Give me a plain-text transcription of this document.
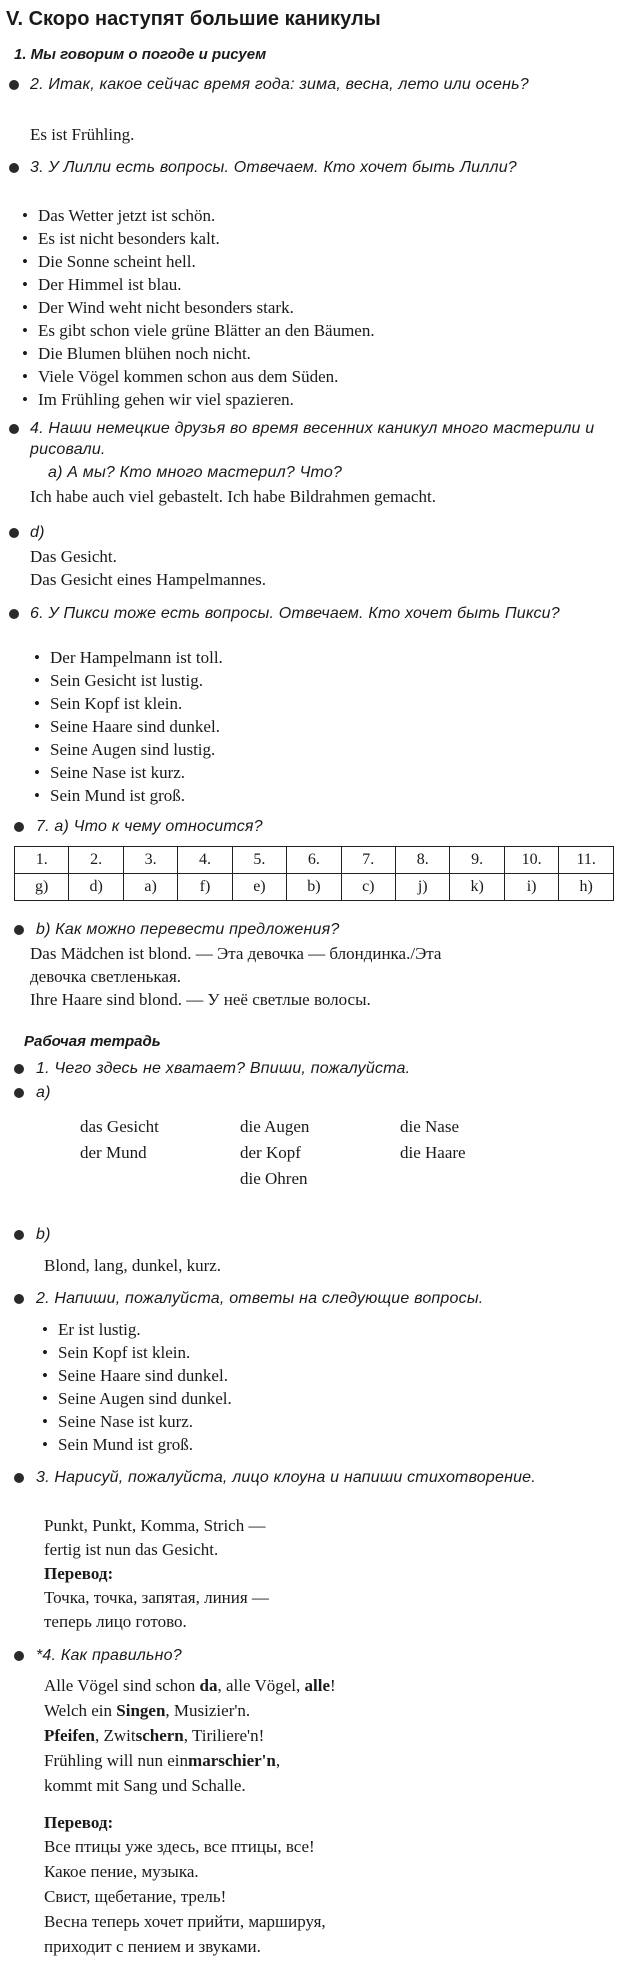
V. Скоро наступят большие каникулы
1. Мы говорим о погоде и рисуем
2. Итак, какое сейчас время года: зима, весна, лето или осень?
Es ist Frühling.
3. У Лилли есть вопросы. Отвечаем. Кто хочет быть Лилли?
• Das Wetter jetzt ist schön.
• Es ist nicht besonders kalt.
• Die Sonne scheint hell.
• Der Himmel ist blau.
• Der Wind weht nicht besonders stark.
• Es gibt schon viele grüne Blätter an den Bäumen.
• Die Blumen blühen noch nicht.
• Viele Vögel kommen schon aus dem Süden.
• Im Frühling gehen wir viel spazieren.
4. Наши немецкие друзья во время весенних каникул много мастерили и рисовали.
а) А мы? Кто много мастерил? Что?
Ich habe auch viel gebastelt. Ich habe Bildrahmen gemacht.
d)
Das Gesicht.
Das Gesicht eines Hampelmannes.
6. У Пикси тоже есть вопросы. Отвечаем. Кто хочет быть Пикси?
• Der Hampelmann ist toll.
• Sein Gesicht ist lustig.
• Sein Kopf ist klein.
• Seine Haare sind dunkel.
• Seine Augen sind lustig.
• Seine Nase ist kurz.
• Sein Mund ist groß.
7. а) Что к чему относится?
1.	2.	3.	4.	5.	6.	7.	8.	9.	10.	11.
g)	d)	a)	f)	e)	b)	c)	j)	k)	i)	h)
b) Как можно перевести предложения?
Das Mädchen ist blond. — Эта девочка — блондинка./Эта
девочка светленькая.
Ihre Haare sind blond. — У неё светлые волосы.
Рабочая тетрадь
1. Чего здесь не хватает? Впиши, пожалуйста.
a)
das Gesicht	die Augen	die Nase
der Mund	der Kopf	die Haare
	die Ohren	
b)
Blond, lang, dunkel, kurz.
2. Напиши, пожалуйста, ответы на следующие вопросы.
• Er ist lustig.
• Sein Kopf ist klein.
• Seine Haare sind dunkel.
• Seine Augen sind dunkel.
• Seine Nase ist kurz.
• Sein Mund ist groß.
3. Нарисуй, пожалуйста, лицо клоуна и напиши стихотворение.
Punkt, Punkt, Komma, Strich —
fertig ist nun das Gesicht.
Перевод:
Точка, точка, запятая, линия —
теперь лицо готово.
*4. Как правильно?
Alle Vögel sind schon da, alle Vögel, alle!
Welch ein Singen, Musizier'n.
Pfeifen, Zwitschern, Tiriliere'n!
Frühling will nun einmarschier'n,
kommt mit Sang und Schalle.
Перевод:
Все птицы уже здесь, все птицы, все!
Какое пение, музыка.
Свист, щебетание, трель!
Весна теперь хочет прийти, маршируя,
приходит с пением и звуками.
